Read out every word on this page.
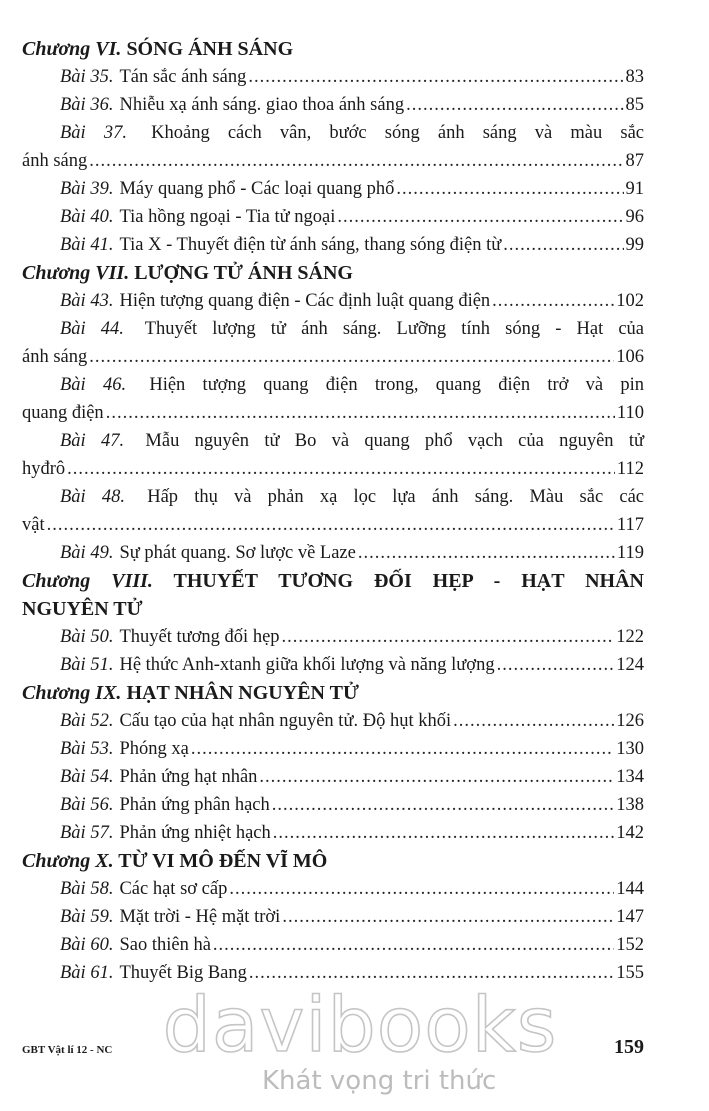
Chương VI. SÓNG ÁNH SÁNG
Bài 35. Tán sắc ánh sáng .....	83
Bài 36. Nhiễu xạ ánh sáng. giao thoa ánh sáng .....	85
Bài 37. Khoảng cách vân, bước sóng ánh sáng và màu sắc
ánh sáng .....	87
Bài 39. Máy quang phổ - Các loại quang phổ .....	91
Bài 40. Tia hồng ngoại - Tia tử ngoại .....	96
Bài 41. Tia X - Thuyết điện từ ánh sáng, thang sóng điện từ .....	99
Chương VII. LƯỢNG TỬ ÁNH SÁNG
Bài 43. Hiện tượng quang điện - Các định luật quang điện .....	102
Bài 44. Thuyết lượng tử ánh sáng. Lưỡng tính sóng - Hạt của
ánh sáng .....	106
Bài 46. Hiện tượng quang điện trong, quang điện trở và pin
quang điện .....	110
Bài 47. Mẫu nguyên tử Bo và quang phổ vạch của nguyên tử
hyđrô .....	112
Bài 48. Hấp thụ và phản xạ lọc lựa ánh sáng. Màu sắc các
vật .....	117
Bài 49. Sự phát quang. Sơ lược về Laze .....	119
Chương VIII. THUYẾT TƯƠNG ĐỐI HẸP - HẠT NHÂN
NGUYÊN TỬ
Bài 50. Thuyết tương đối hẹp .....	122
Bài 51. Hệ thức Anh-xtanh giữa khối lượng và năng lượng .....	124
Chương IX. HẠT NHÂN NGUYÊN TỬ
Bài 52. Cấu tạo của hạt nhân nguyên tử. Độ hụt khối .....	126
Bài 53. Phóng xạ .....	130
Bài 54. Phản ứng hạt nhân .....	134
Bài 56. Phản ứng phân hạch .....	138
Bài 57. Phản ứng nhiệt hạch .....	142
Chương X. TỪ VI MÔ ĐẾN VĨ MÔ
Bài 58. Các hạt sơ cấp .....	144
Bài 59. Mặt trời - Hệ mặt trời .....	147
Bài 60. Sao thiên hà .....	152
Bài 61. Thuyết Big Bang .....	155
davibooks
Khát vọng tri thức
GBT Vật lí 12 - NC	159
